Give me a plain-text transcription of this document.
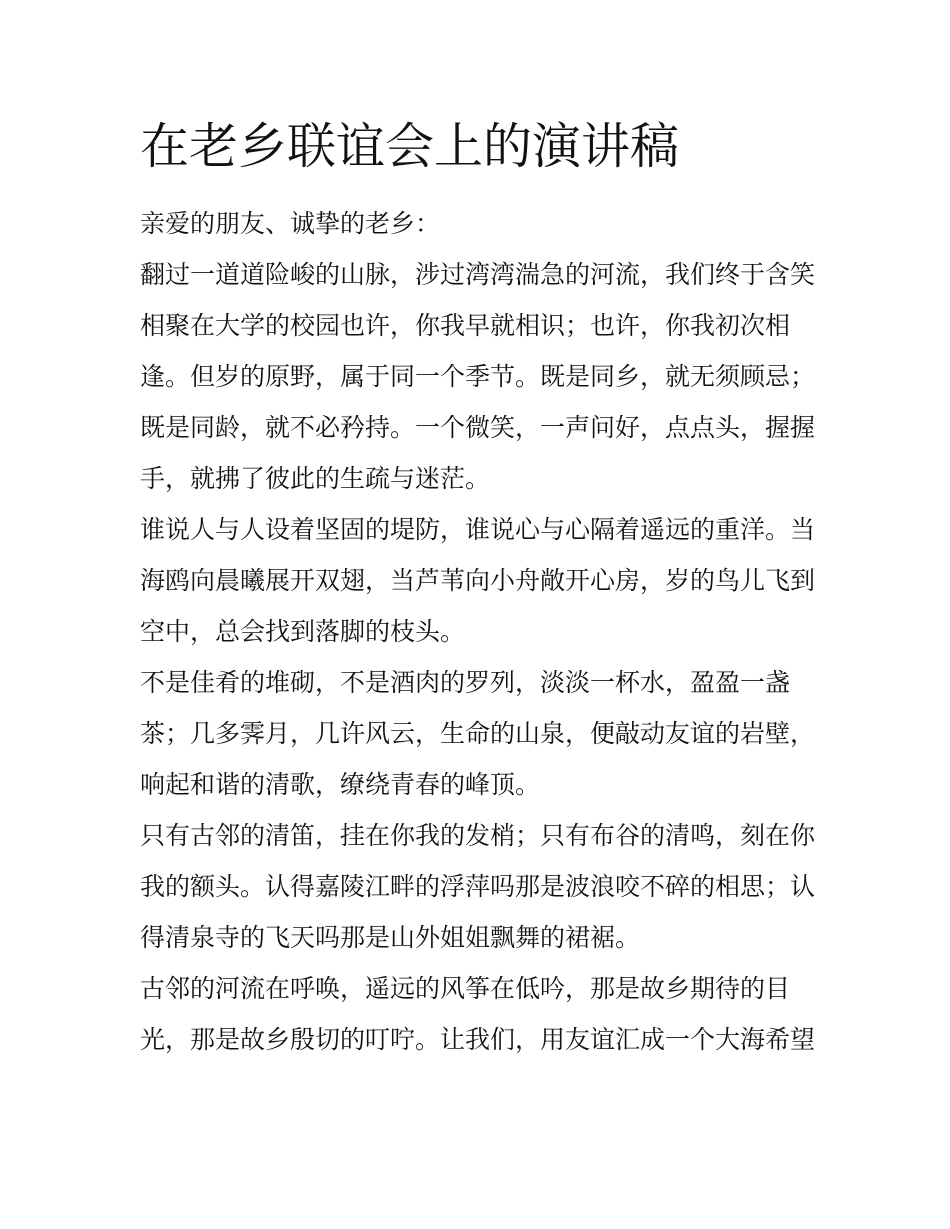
在老乡联谊会上的演讲稿

亲爱的朋友、诚挚的老乡：

翻过一道道险峻的山脉，涉过湾湾湍急的河流，我们终于含笑
相聚在大学的校园也许，你我早就相识；也许，你我初次相
逢。但岁的原野，属于同一个季节。既是同乡，就无须顾忌；
既是同龄，就不必矜持。一个微笑，一声问好，点点头，握握
手，就拂了彼此的生疏与迷茫。

谁说人与人设着坚固的堤防，谁说心与心隔着遥远的重洋。当
海鸥向晨曦展开双翅，当芦苇向小舟敞开心房，岁的鸟儿飞到
空中，总会找到落脚的枝头。

不是佳肴的堆砌，不是酒肉的罗列，淡淡一杯水，盈盈一盏
茶；几多霁月，几许风云，生命的山泉，便敲动友谊的岩壁，
响起和谐的清歌，缭绕青春的峰顶。

只有古邻的清笛，挂在你我的发梢；只有布谷的清鸣，刻在你
我的额头。认得嘉陵江畔的浮萍吗那是波浪咬不碎的相思；认
得清泉寺的飞天吗那是山外姐姐飘舞的裙裾。

古邻的河流在呼唤，遥远的风筝在低吟，那是故乡期待的目
光，那是故乡殷切的叮咛。让我们，用友谊汇成一个大海希望
